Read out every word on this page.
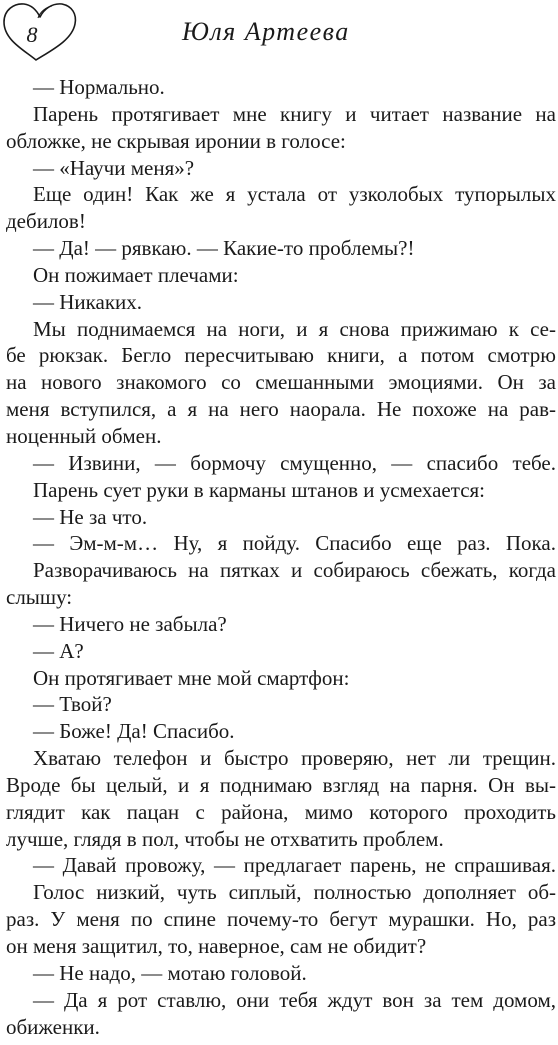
8	Юля Артеева
— Нормально.
Парень протягивает мне книгу и читает название на
обложке, не скрывая иронии в голосе:
— «Научи меня»?
Еще один! Как же я устала от узколобых тупорылых
дебилов!
— Да! — рявкаю. — Какие-то проблемы?!
Он пожимает плечами:
— Никаких.
Мы поднимаемся на ноги, и я снова прижимаю к се-
бе рюкзак. Бегло пересчитываю книги, а потом смотрю
на нового знакомого со смешанными эмоциями. Он за
меня вступился, а я на него наорала. Не похоже на рав-
ноценный обмен.
— Извини, — бормочу смущенно, — спасибо тебе.
Парень сует руки в карманы штанов и усмехается:
— Не за что.
— Эм-м-м… Ну, я пойду. Спасибо еще раз. Пока.
Разворачиваюсь на пятках и собираюсь сбежать, когда
слышу:
— Ничего не забыла?
— А?
Он протягивает мне мой смартфон:
— Твой?
— Боже! Да! Спасибо.
Хватаю телефон и быстро проверяю, нет ли трещин.
Вроде бы целый, и я поднимаю взгляд на парня. Он вы-
глядит как пацан с района, мимо которого проходить
лучше, глядя в пол, чтобы не отхватить проблем.
— Давай провожу, — предлагает парень, не спрашивая.
Голос низкий, чуть сиплый, полностью дополняет об-
раз. У меня по спине почему-то бегут мурашки. Но, раз
он меня защитил, то, наверное, сам не обидит?
— Не надо, — мотаю головой.
— Да я рот ставлю, они тебя ждут вон за тем домом,
обиженки.
